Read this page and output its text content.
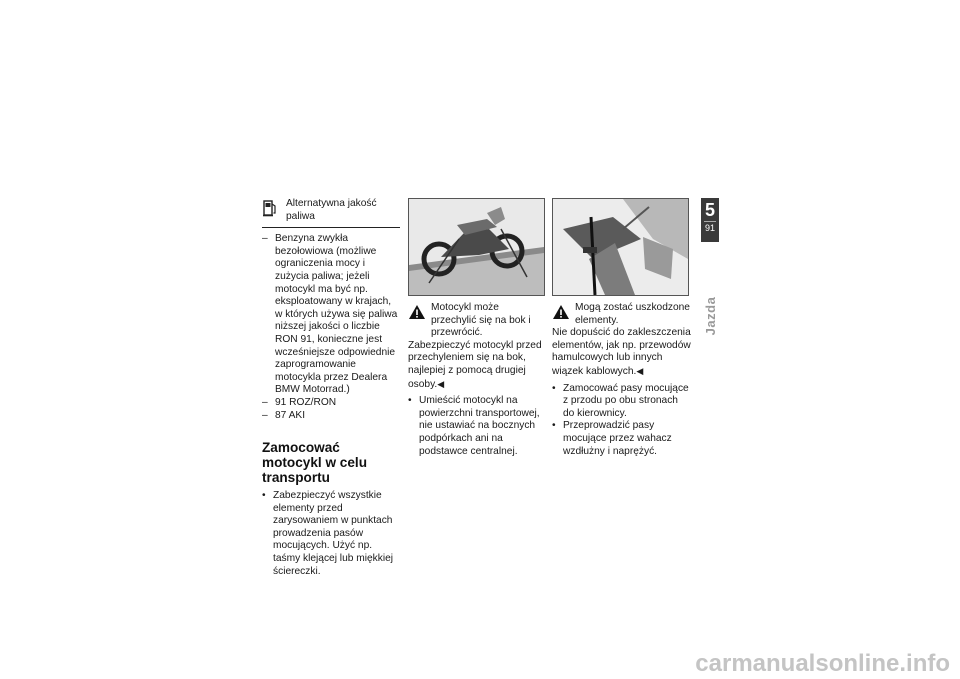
Alternatywna jakość paliwa
– Benzyna zwykła bezołowiowa (możliwe ograniczenia mocy i zużycia paliwa; jeżeli motocykl ma być np. eksploatowany w krajach, w których używa się paliwa niższej jakości o liczbie RON 91, konieczne jest wcześniejsze odpowiednie zaprogramowanie motocykla przez Dealera BMW Motorrad.)
– 91 ROZ/RON
– 87 AKI
Zamocować motocykl w celu transportu
• Zabezpieczyć wszystkie elementy przed zarysowaniem w punktach prowadzenia pasów mocujących. Użyć np. taśmy klejącej lub miękkiej ściereczki.
Motocykl może przechylić się na bok i przewrócić.

Zabezpieczyć motocykl przed przechyleniem się na bok, najlepiej z pomocą drugiej osoby.◀

• Umieścić motocykl na powierzchni transportowej, nie ustawiać na bocznych podpórkach ani na podstawce centralnej.
Mogą zostać uszkodzone elementy.

Nie dopuścić do zakleszczenia elementów, jak np. przewodów hamulcowych lub innych wiązek kablowych.◀

• Zamocować pasy mocujące z przodu po obu stronach do kierownicy.
• Przeprowadzić pasy mocujące przez wahacz wzdłużny i naprężyć.
5
91
Jazda
carmanualsonline.info
